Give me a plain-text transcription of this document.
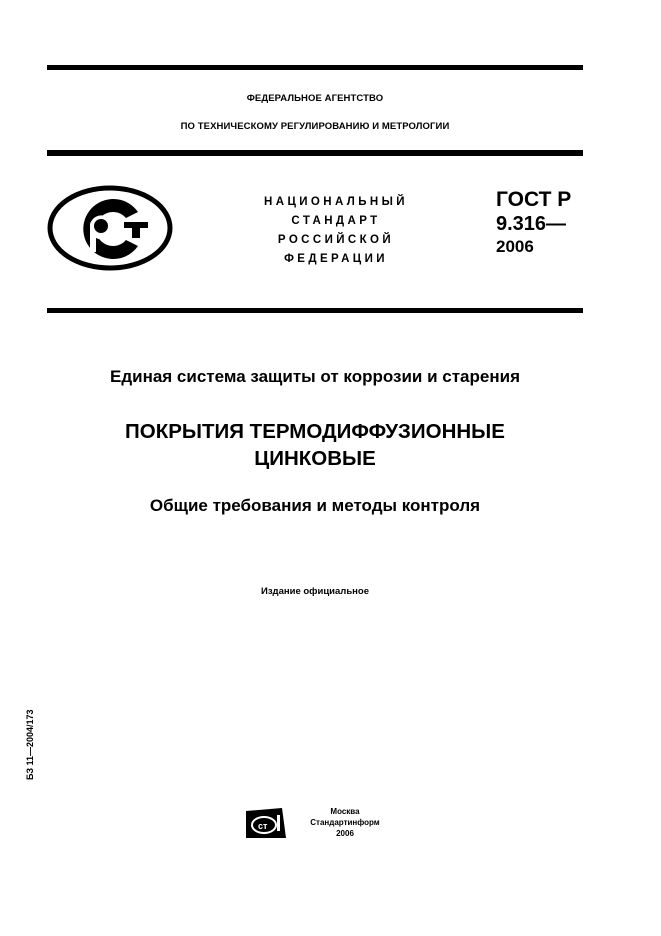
ФЕДЕРАЛЬНОЕ АГЕНТСТВО
ПО ТЕХНИЧЕСКОМУ РЕГУЛИРОВАНИЮ И МЕТРОЛОГИИ
НАЦИОНАЛЬНЫЙ
СТАНДАРТ
РОССИЙСКОЙ
ФЕДЕРАЦИИ
ГОСТ Р
9.316—
2006
Единая система защиты от коррозии и старения
ПОКРЫТИЯ ТЕРМОДИФФУЗИОННЫЕ
ЦИНКОВЫЕ
Общие требования и методы контроля
Издание официальное
БЗ 11—2004/173
ст
Москва
Стандартинформ
2006
